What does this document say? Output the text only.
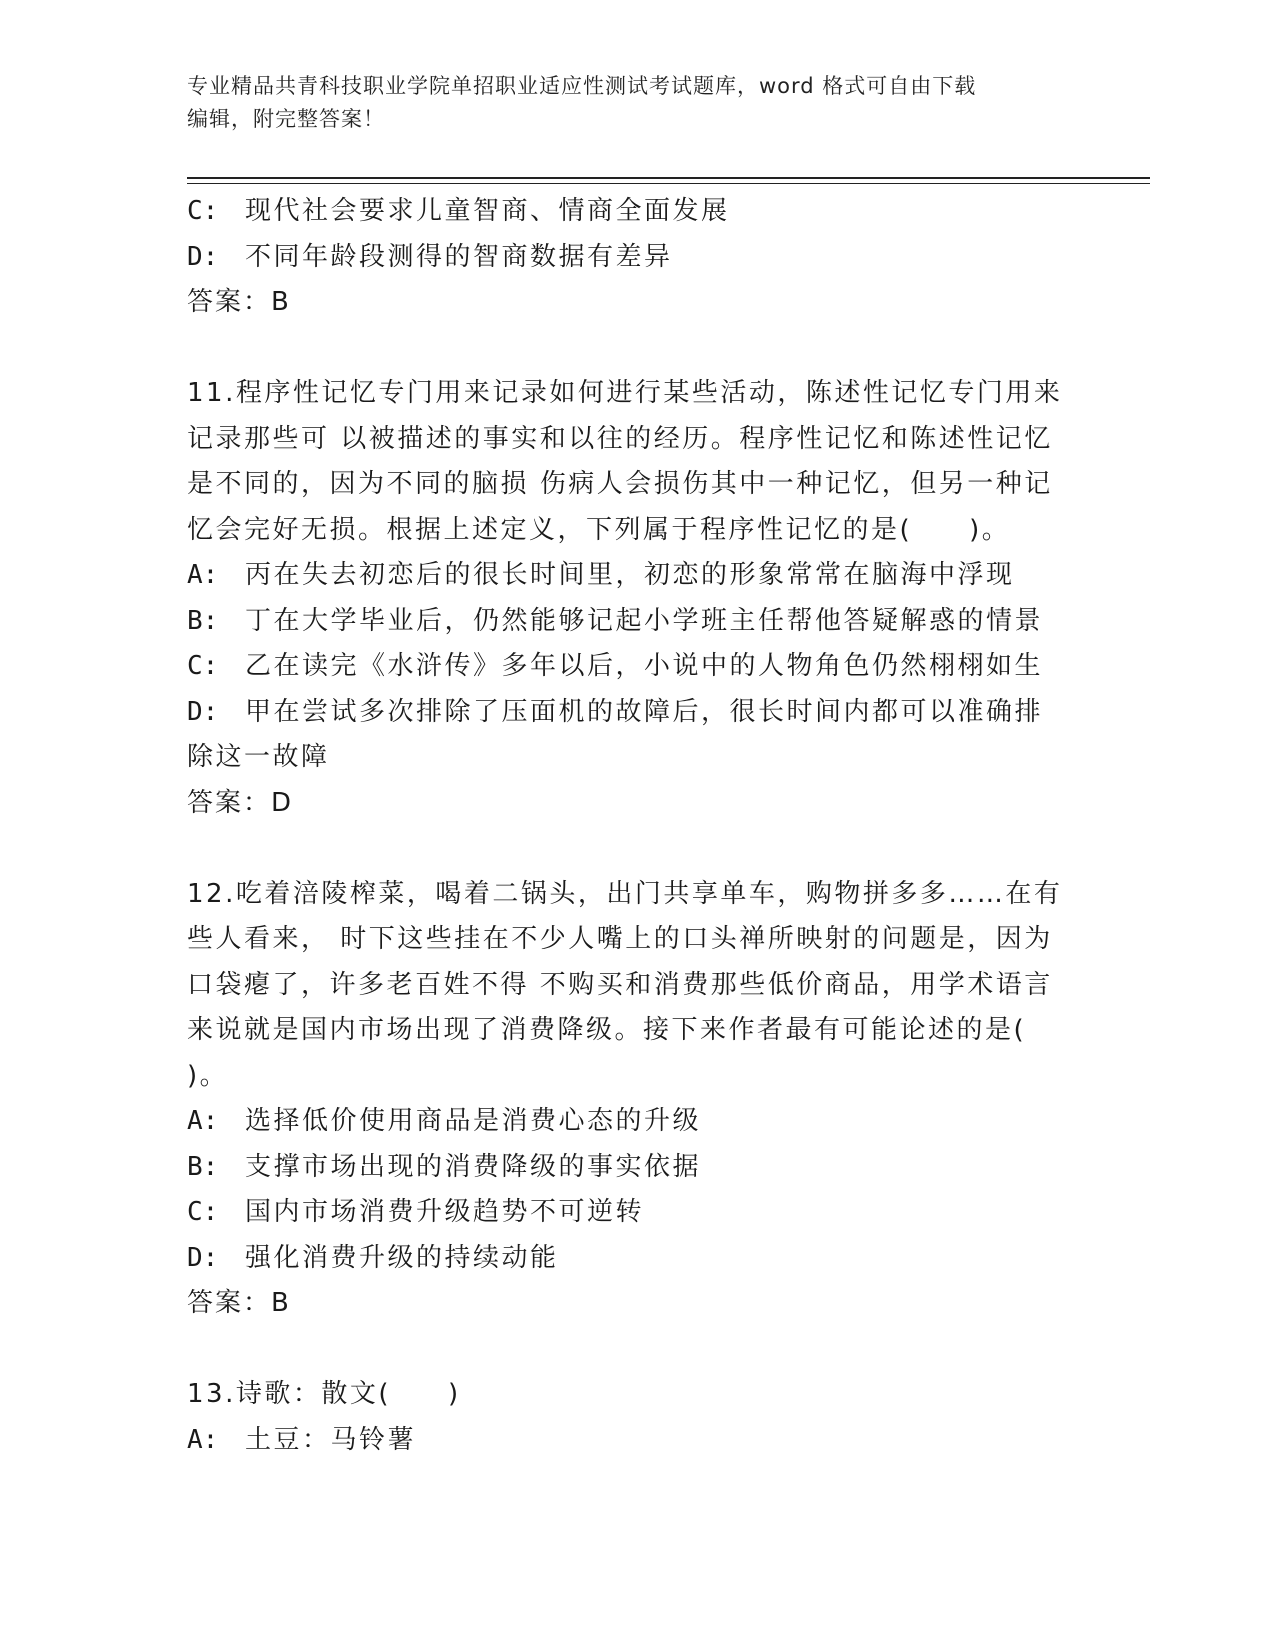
专业精品共青科技职业学院单招职业适应性测试考试题库，word 格式可自由下载
编辑，附完整答案！
C: 现代社会要求儿童智商、情商全面发展
D: 不同年龄段测得的智商数据有差异
答案：B
11.程序性记忆专门用来记录如何进行某些活动，陈述性记忆专门用来
记录那些可 以被描述的事实和以往的经历。程序性记忆和陈述性记忆
是不同的，因为不同的脑损 伤病人会损伤其中一种记忆，但另一种记
忆会完好无损。根据上述定义，下列属于程序性记忆的是(　　)。
A: 丙在失去初恋后的很长时间里，初恋的形象常常在脑海中浮现
B: 丁在大学毕业后，仍然能够记起小学班主任帮他答疑解惑的情景
C: 乙在读完《水浒传》多年以后，小说中的人物角色仍然栩栩如生
D: 甲在尝试多次排除了压面机的故障后，很长时间内都可以准确排
除这一故障
答案：D
12.吃着涪陵榨菜，喝着二锅头，出门共享单车，购物拼多多……在有
些人看来， 时下这些挂在不少人嘴上的口头禅所映射的问题是，因为
口袋瘪了，许多老百姓不得 不购买和消费那些低价商品，用学术语言
来说就是国内市场出现了消费降级。接下来作者最有可能论述的是(
)。
A: 选择低价使用商品是消费心态的升级
B: 支撑市场出现的消费降级的事实依据
C: 国内市场消费升级趋势不可逆转
D: 强化消费升级的持续动能
答案：B
13.诗歌：散文(　　)
A: 土豆：马铃薯
